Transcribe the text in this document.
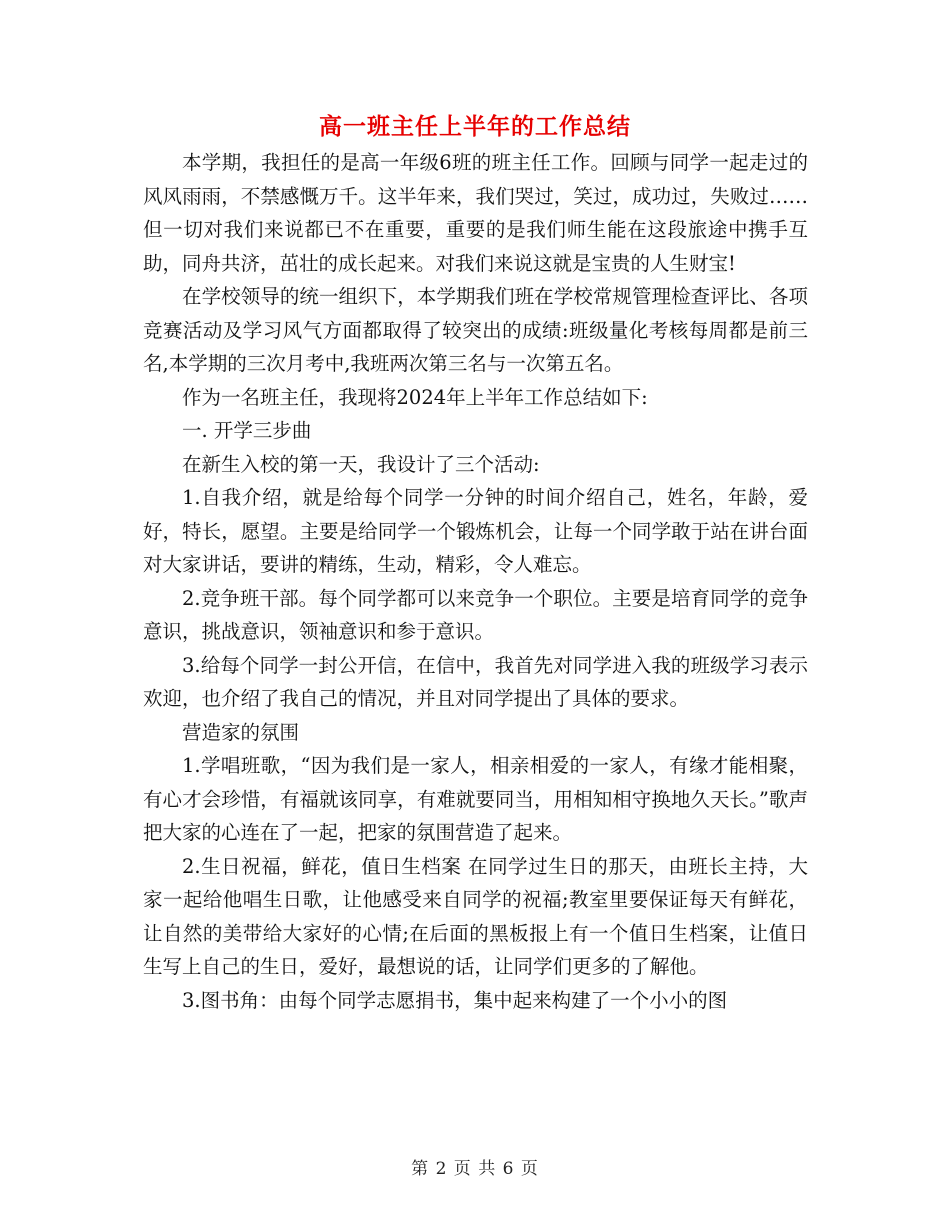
高一班主任上半年的工作总结

本学期，我担任的是高一年级6班的班主任工作。回顾与同学一起走过的风风雨雨，不禁感慨万千。这半年来，我们哭过，笑过，成功过，失败过……但一切对我们来说都已不在重要，重要的是我们师生能在这段旅途中携手互助，同舟共济，茁壮的成长起来。对我们来说这就是宝贵的人生财宝!

在学校领导的统一组织下，本学期我们班在学校常规管理检查评比、各项竞赛活动及学习风气方面都取得了较突出的成绩:班级量化考核每周都是前三名,本学期的三次月考中,我班两次第三名与一次第五名。

作为一名班主任，我现将2024年上半年工作总结如下:

一. 开学三步曲

在新生入校的第一天，我设计了三个活动:

1.自我介绍，就是给每个同学一分钟的时间介绍自己，姓名，年龄，爱好，特长，愿望。主要是给同学一个锻炼机会，让每一个同学敢于站在讲台面对大家讲话，要讲的精练，生动，精彩，令人难忘。

2.竞争班干部。每个同学都可以来竞争一个职位。主要是培育同学的竞争意识，挑战意识，领袖意识和参于意识。

3.给每个同学一封公开信，在信中，我首先对同学进入我的班级学习表示欢迎，也介绍了我自己的情况，并且对同学提出了具体的要求。

营造家的氛围

1.学唱班歌，“因为我们是一家人，相亲相爱的一家人，有缘才能相聚，有心才会珍惜，有福就该同享，有难就要同当，用相知相守换地久天长。”歌声把大家的心连在了一起，把家的氛围营造了起来。

2.生日祝福，鲜花，值日生档案 在同学过生日的那天，由班长主持，大家一起给他唱生日歌，让他感受来自同学的祝福;教室里要保证每天有鲜花，让自然的美带给大家好的心情;在后面的黑板报上有一个值日生档案，让值日生写上自己的生日，爱好，最想说的话，让同学们更多的了解他。

3.图书角：由每个同学志愿捐书，集中起来构建了一个小小的图

第 2 页 共 6 页
